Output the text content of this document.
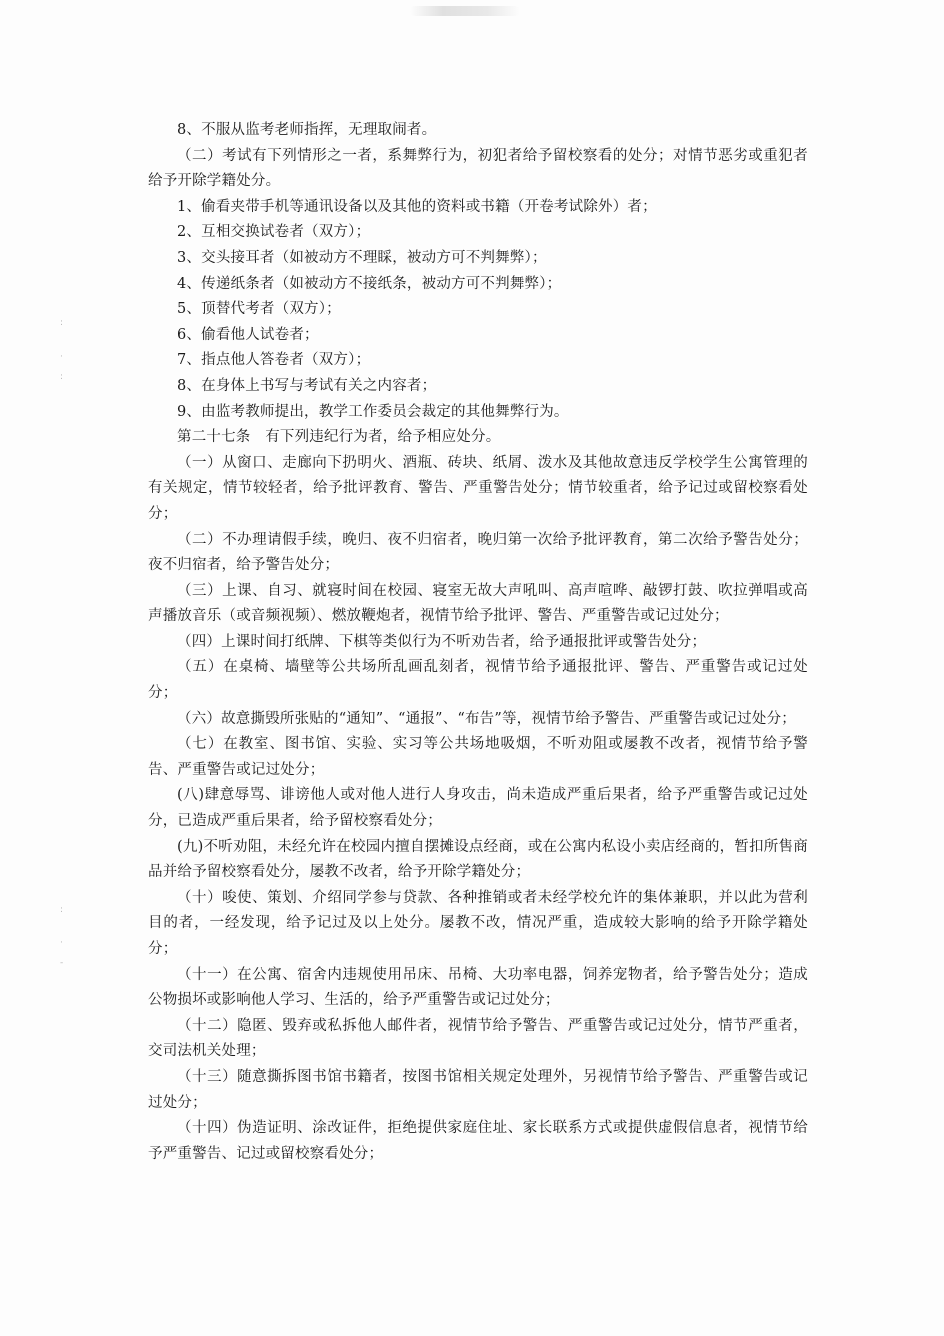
:
·
:
:
·
-

8、不服从监考老师指挥，无理取闹者。

（二）考试有下列情形之一者，系舞弊行为，初犯者给予留校察看的处分；对情节恶劣或重犯者给予开除学籍处分。

1、偷看夹带手机等通讯设备以及其他的资料或书籍（开卷考试除外）者；

2、互相交换试卷者（双方）；

3、交头接耳者（如被动方不理睬，被动方可不判舞弊）；

4、传递纸条者（如被动方不接纸条，被动方可不判舞弊）；

5、顶替代考者（双方）；

6、偷看他人试卷者；

7、指点他人答卷者（双方）；

8、在身体上书写与考试有关之内容者；

9、由监考教师提出，教学工作委员会裁定的其他舞弊行为。

第二十七条　有下列违纪行为者，给予相应处分。

（一）从窗口、走廊向下扔明火、酒瓶、砖块、纸屑、泼水及其他故意违反学校学生公寓管理的有关规定，情节较轻者，给予批评教育、警告、严重警告处分；情节较重者，给予记过或留校察看处分；

（二）不办理请假手续，晚归、夜不归宿者，晚归第一次给予批评教育，第二次给予警告处分；夜不归宿者，给予警告处分；

（三）上课、自习、就寝时间在校园、寝室无故大声吼叫、高声喧哗、敲锣打鼓、吹拉弹唱或高声播放音乐（或音频视频）、燃放鞭炮者，视情节给予批评、警告、严重警告或记过处分；

（四）上课时间打纸牌、下棋等类似行为不听劝告者，给予通报批评或警告处分；

（五）在桌椅、墙壁等公共场所乱画乱刻者，视情节给予通报批评、警告、严重警告或记过处分；

（六）故意撕毁所张贴的“通知”、“通报”、“布告”等，视情节给予警告、严重警告或记过处分；

（七）在教室、图书馆、实验、实习等公共场地吸烟，不听劝阻或屡教不改者，视情节给予警告、严重警告或记过处分；

(八)肆意辱骂、诽谤他人或对他人进行人身攻击，尚未造成严重后果者，给予严重警告或记过处分，已造成严重后果者，给予留校察看处分；

(九)不听劝阻，未经允许在校园内擅自摆摊设点经商，或在公寓内私设小卖店经商的，暂扣所售商品并给予留校察看处分，屡教不改者，给予开除学籍处分；

（十）唆使、策划、介绍同学参与贷款、各种推销或者未经学校允许的集体兼职，并以此为营利目的者，一经发现，给予记过及以上处分。屡教不改，情况严重，造成较大影响的给予开除学籍处分；

（十一）在公寓、宿舍内违规使用吊床、吊椅、大功率电器，饲养宠物者，给予警告处分；造成公物损坏或影响他人学习、生活的，给予严重警告或记过处分；

（十二）隐匿、毁弃或私拆他人邮件者，视情节给予警告、严重警告或记过处分，情节严重者，交司法机关处理；

（十三）随意撕拆图书馆书籍者，按图书馆相关规定处理外，另视情节给予警告、严重警告或记过处分；

（十四）伪造证明、涂改证件，拒绝提供家庭住址、家长联系方式或提供虚假信息者，视情节给予严重警告、记过或留校察看处分；
